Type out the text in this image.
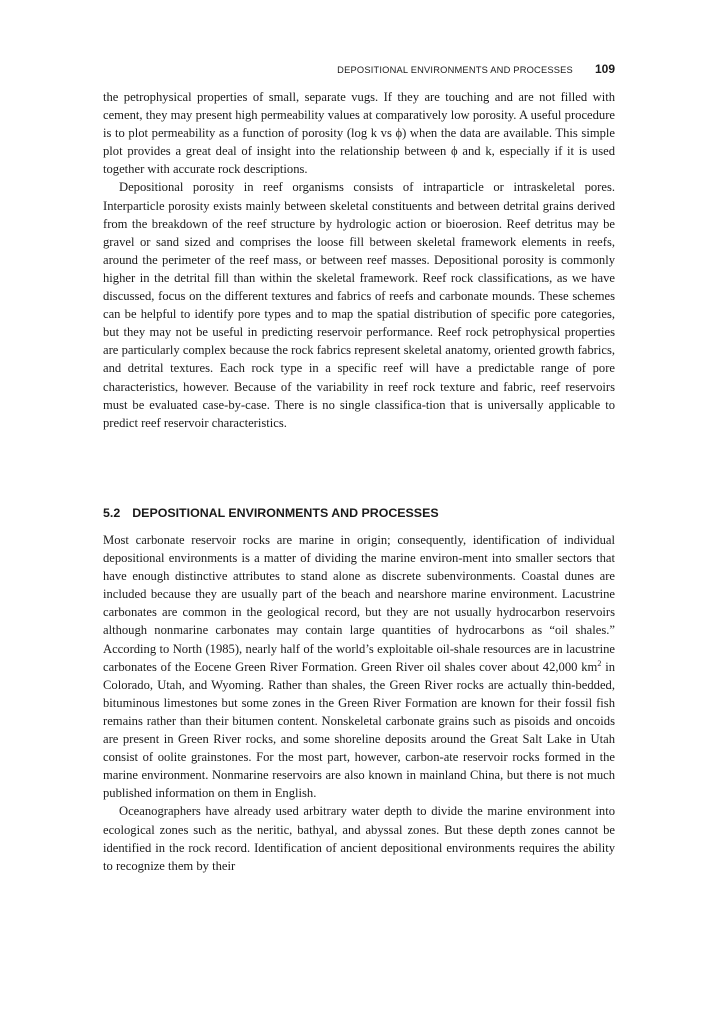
DEPOSITIONAL ENVIRONMENTS AND PROCESSES 109

the petrophysical properties of small, separate vugs. If they are touching and are not filled with cement, they may present high permeability values at comparatively low porosity. A useful procedure is to plot permeability as a function of porosity (log k vs ϕ) when the data are available. This simple plot provides a great deal of insight into the relationship between ϕ and k, especially if it is used together with accurate rock descriptions.

Depositional porosity in reef organisms consists of intraparticle or intraskeletal pores. Interparticle porosity exists mainly between skeletal constituents and between detrital grains derived from the breakdown of the reef structure by hydrologic action or bioerosion. Reef detritus may be gravel or sand sized and comprises the loose fill between skeletal framework elements in reefs, around the perimeter of the reef mass, or between reef masses. Depositional porosity is commonly higher in the detrital fill than within the skeletal framework. Reef rock classifications, as we have discussed, focus on the different textures and fabrics of reefs and carbonate mounds. These schemes can be helpful to identify pore types and to map the spatial distribution of specific pore categories, but they may not be useful in predicting reservoir performance. Reef rock petrophysical properties are particularly complex because the rock fabrics represent skeletal anatomy, oriented growth fabrics, and detrital textures. Each rock type in a specific reef will have a predictable range of pore characteristics, however. Because of the variability in reef rock texture and fabric, reef reservoirs must be evaluated case-by-case. There is no single classifica-tion that is universally applicable to predict reef reservoir characteristics.

5.2 DEPOSITIONAL ENVIRONMENTS AND PROCESSES

Most carbonate reservoir rocks are marine in origin; consequently, identification of individual depositional environments is a matter of dividing the marine environ-ment into smaller sectors that have enough distinctive attributes to stand alone as discrete subenvironments. Coastal dunes are included because they are usually part of the beach and nearshore marine environment. Lacustrine carbonates are common in the geological record, but they are not usually hydrocarbon reservoirs although nonmarine carbonates may contain large quantities of hydrocarbons as “oil shales.” According to North (1985), nearly half of the world’s exploitable oil-shale resources are in lacustrine carbonates of the Eocene Green River Formation. Green River oil shales cover about 42,000 $km^2$ in Colorado, Utah, and Wyoming. Rather than shales, the Green River rocks are actually thin-bedded, bituminous limestones but some zones in the Green River Formation are known for their fossil fish remains rather than their bitumen content. Nonskeletal carbonate grains such as pisoids and oncoids are present in Green River rocks, and some shoreline deposits around the Great Salt Lake in Utah consist of oolite grainstones. For the most part, however, carbon-ate reservoir rocks formed in the marine environment. Nonmarine reservoirs are also known in mainland China, but there is not much published information on them in English.

Oceanographers have already used arbitrary water depth to divide the marine environment into ecological zones such as the neritic, bathyal, and abyssal zones. But these depth zones cannot be identified in the rock record. Identification of ancient depositional environments requires the ability to recognize them by their
